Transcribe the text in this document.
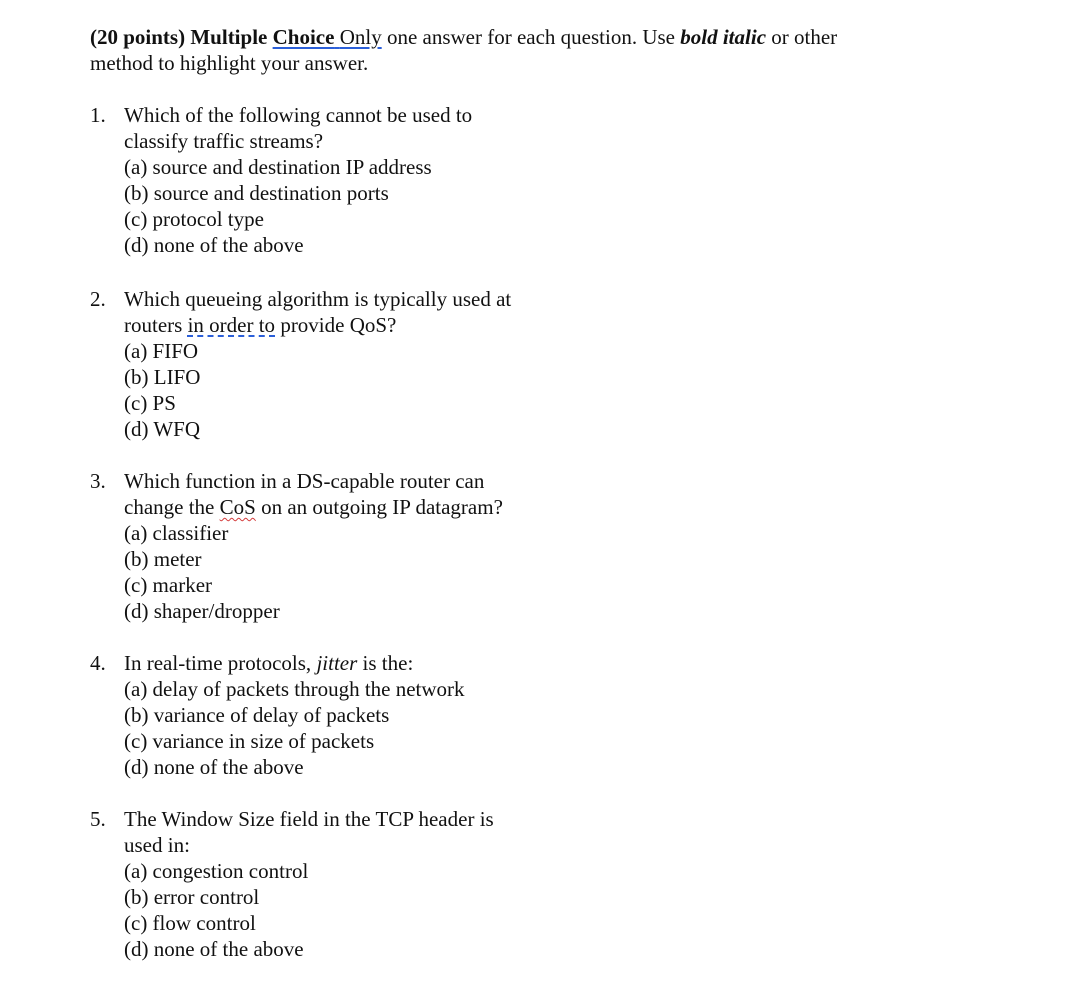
(20 points) Multiple Choice Only one answer for each question. Use bold italic or other
method to highlight your answer.
1. Which of the following cannot be used to
classify traffic streams?
(a) source and destination IP address
(b) source and destination ports
(c) protocol type
(d) none of the above
2. Which queueing algorithm is typically used at
routers in order to provide QoS?
(a) FIFO
(b) LIFO
(c) PS
(d) WFQ
3. Which function in a DS-capable router can
change the CoS on an outgoing IP datagram?
(a) classifier
(b) meter
(c) marker
(d) shaper/dropper
4. In real-time protocols, jitter is the:
(a) delay of packets through the network
(b) variance of delay of packets
(c) variance in size of packets
(d) none of the above
5. The Window Size field in the TCP header is
used in:
(a) congestion control
(b) error control
(c) flow control
(d) none of the above
